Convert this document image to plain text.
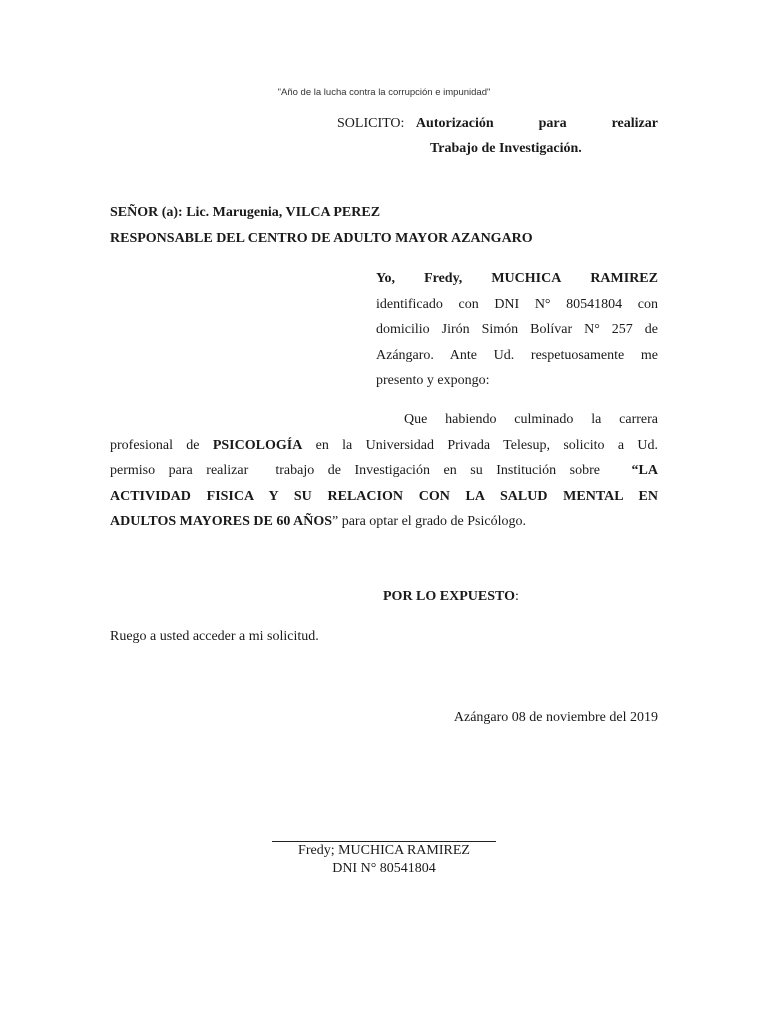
"Año de la lucha contra la corrupción e impunidad"
SOLICITO: Autorización	para	realizar
Trabajo de Investigación.
SEÑOR (a): Lic. Marugenia, VILCA PEREZ
RESPONSABLE DEL CENTRO DE ADULTO MAYOR AZANGARO
Yo, Fredy, MUCHICA RAMIREZ
identificado con DNI N° 80541804 con
domicilio Jirón Simón Bolívar N° 257 de
Azángaro. Ante Ud. respetuosamente me
presento y expongo:
Que habiendo culminado la carrera
profesional de PSICOLOGÍA en la Universidad Privada Telesup, solicito a Ud.
permiso para realizar  trabajo de Investigación en su Institución sobre “LA
ACTIVIDAD FISICA Y SU RELACION CON LA SALUD MENTAL EN
ADULTOS MAYORES DE 60 AÑOS” para optar el grado de Psicólogo.
POR LO EXPUESTO:
Ruego a usted acceder a mi solicitud.
Azángaro 08 de noviembre del 2019
Fredy; MUCHICA RAMIREZ
DNI N° 80541804
